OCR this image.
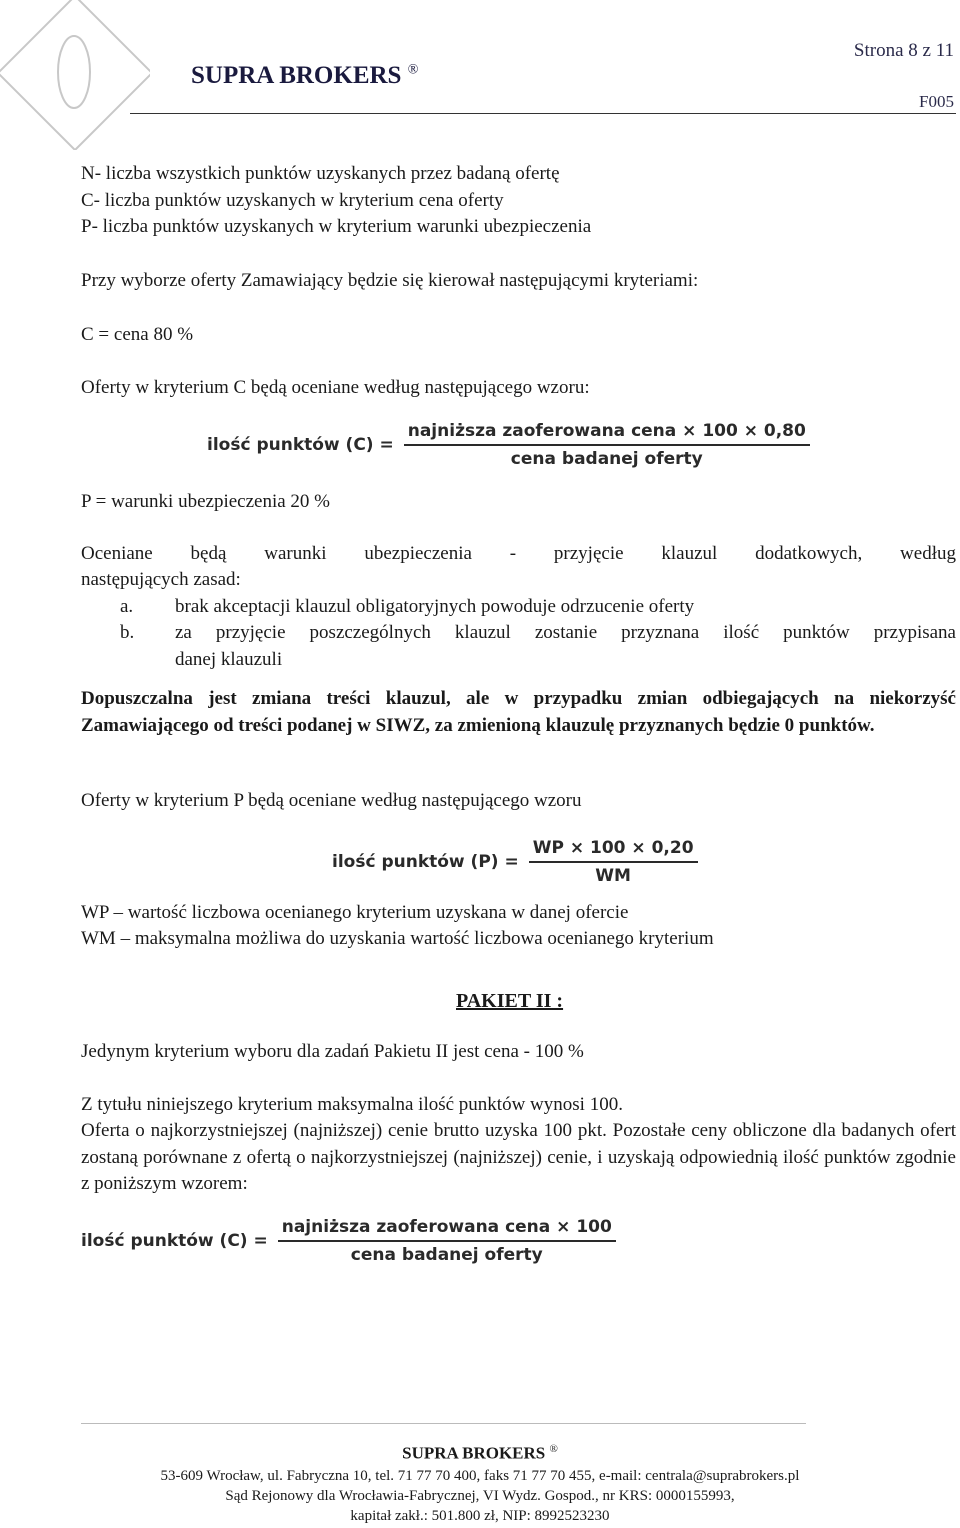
SUPRA BROKERS ®
Strona 8 z 11
F005

N- liczba wszystkich punktów uzyskanych przez badaną ofertę

C- liczba punktów uzyskanych w kryterium cena oferty

P- liczba punktów uzyskanych w kryterium warunki ubezpieczenia

Przy wyborze oferty Zamawiający będzie się kierował następującymi kryteriami:

C = cena 80 %

Oferty w kryterium C będą oceniane według następującego wzoru:

ilość punktów $(C) = \frac{\text{najniższa zaoferowana cena × 100 × 0,80}}{\text{cena badanej oferty}}$

P = warunki ubezpieczenia 20 %

Oceniane będą warunki ubezpieczenia - przyjęcie klauzul dodatkowych, według

następujących zasad:

a. brak akceptacji klauzul obligatoryjnych powoduje odrzucenie oferty

b. za przyjęcie poszczególnych klauzul zostanie przyznana ilość punktów przypisana

danej klauzuli

Dopuszczalna jest zmiana treści klauzul, ale w przypadku zmian odbiegających na niekorzyść Zamawiającego od treści podanej w SIWZ, za zmienioną klauzulę przyznanych będzie 0 punktów.

Oferty w kryterium P będą oceniane według następującego wzoru

ilość punktów $(P) = \frac{WP \times 100 \times 0,20}{WM}$

WP – wartość liczbowa ocenianego kryterium uzyskana w danej ofercie

WM – maksymalna możliwa do uzyskania wartość liczbowa ocenianego kryterium

PAKIET II :

Jedynym kryterium wyboru dla zadań Pakietu II jest cena - 100 %

Z tytułu niniejszego kryterium maksymalna ilość punktów wynosi 100.

Oferta o najkorzystniejszej (najniższej) cenie brutto uzyska 100 pkt. Pozostałe ceny obliczone dla badanych ofert zostaną porównane z ofertą o najkorzystniejszej (najniższej) cenie, i uzyskają odpowiednią ilość punktów zgodnie z poniższym wzorem:

ilość punktów $(C) = \frac{\text{najniższa zaoferowana cena × 100}}{\text{cena badanej oferty}}$
SUPRA BROKERS ®
53-609 Wrocław, ul. Fabryczna 10, tel. 71 77 70 400, faks 71 77 70 455, e-mail: centrala@suprabrokers.pl
Sąd Rejonowy dla Wrocławia-Fabrycznej, VI Wydz. Gospod., nr KRS: 0000155993,
kapitał zakł.: 501.800 zł, NIP: 8992523230
